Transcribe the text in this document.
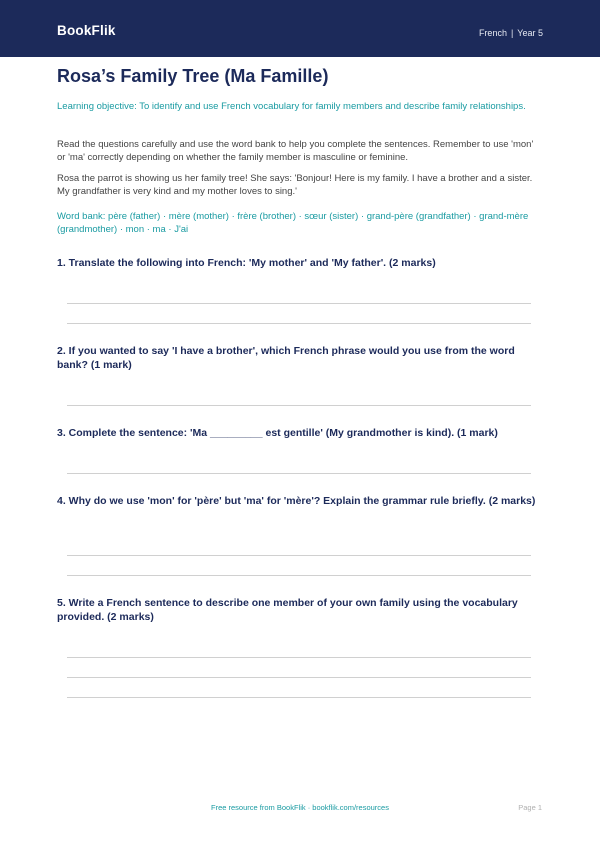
BookFlik	French | Year 5
Rosa’s Family Tree (Ma Famille)

Learning objective: To identify and use French vocabulary for family members and describe family relationships.

Read the questions carefully and use the word bank to help you complete the sentences. Remember to use 'mon' or 'ma' correctly depending on whether the family member is masculine or feminine.

Rosa the parrot is showing us her family tree! She says: 'Bonjour! Here is my family. I have a brother and a sister. My grandfather is very kind and my mother loves to sing.'

Word bank: père (father) · mère (mother) · frère (brother) · sœur (sister) · grand-père (grandfather) · grand-mère (grandmother) · mon · ma · J'ai

1. Translate the following into French: 'My mother' and 'My father'. (2 marks)

2. If you wanted to say 'I have a brother', which French phrase would you use from the word bank? (1 mark)

3. Complete the sentence: 'Ma _________ est gentille' (My grandmother is kind). (1 mark)

4. Why do we use 'mon' for 'père' but 'ma' for 'mère'? Explain the grammar rule briefly. (2 marks)

5. Write a French sentence to describe one member of your own family using the vocabulary provided. (2 marks)

Free resource from BookFlik · bookflik.com/resources	Page 1
